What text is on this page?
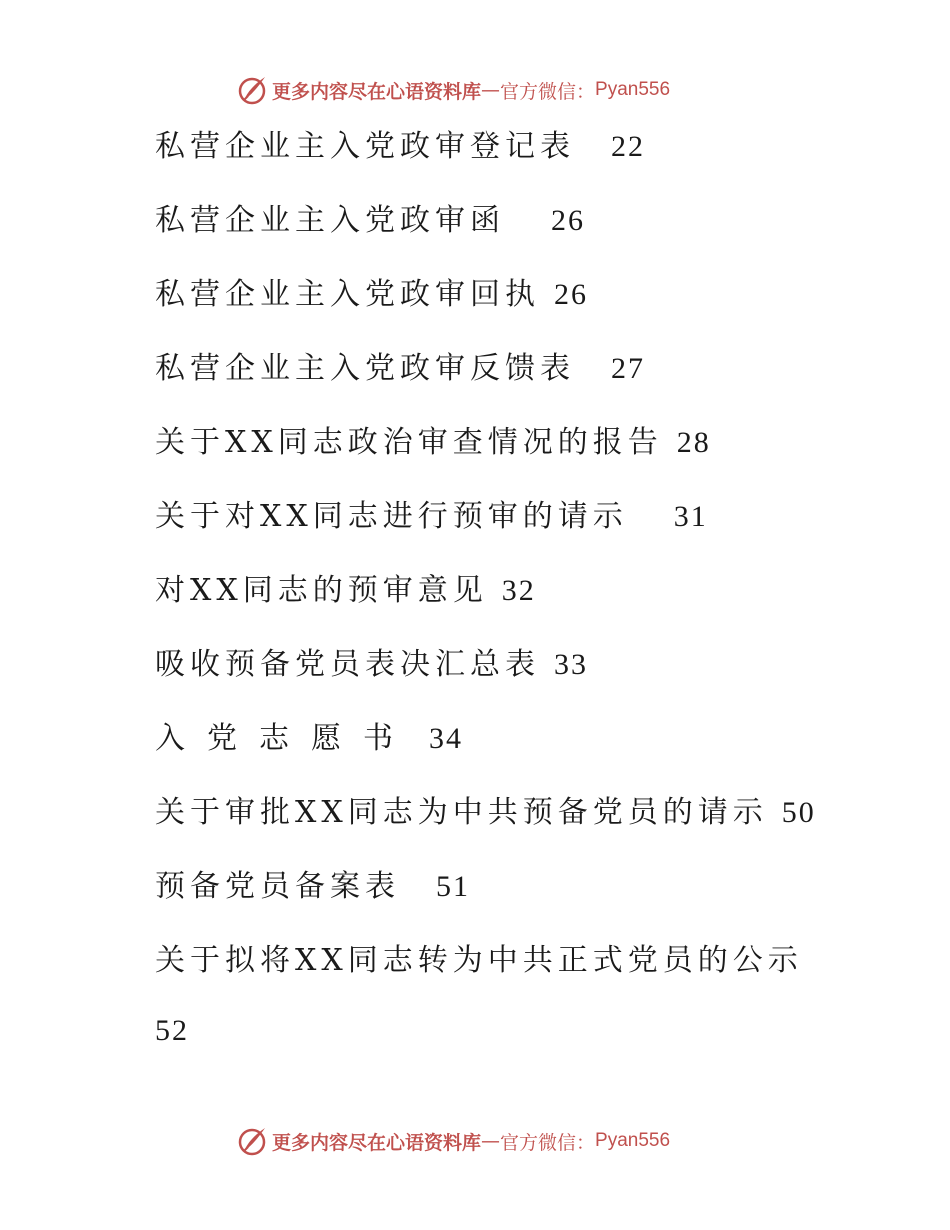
更多内容尽在心语资料库 — 官方微信： Pyan556
私营企业主入党政审登记表 22
私营企业主入党政审函 26
私营企业主入党政审回执 26
私营企业主入党政审反馈表 27
关于XX同志政治审查情况的报告 28
关于对XX同志进行预审的请示 31
对XX同志的预审意见 32
吸收预备党员表决汇总表 33
入党志愿书 34
关于审批XX同志为中共预备党员的请示 50
预备党员备案表 51
关于拟将XX同志转为中共正式党员的公示
52
更多内容尽在心语资料库 — 官方微信： Pyan556
